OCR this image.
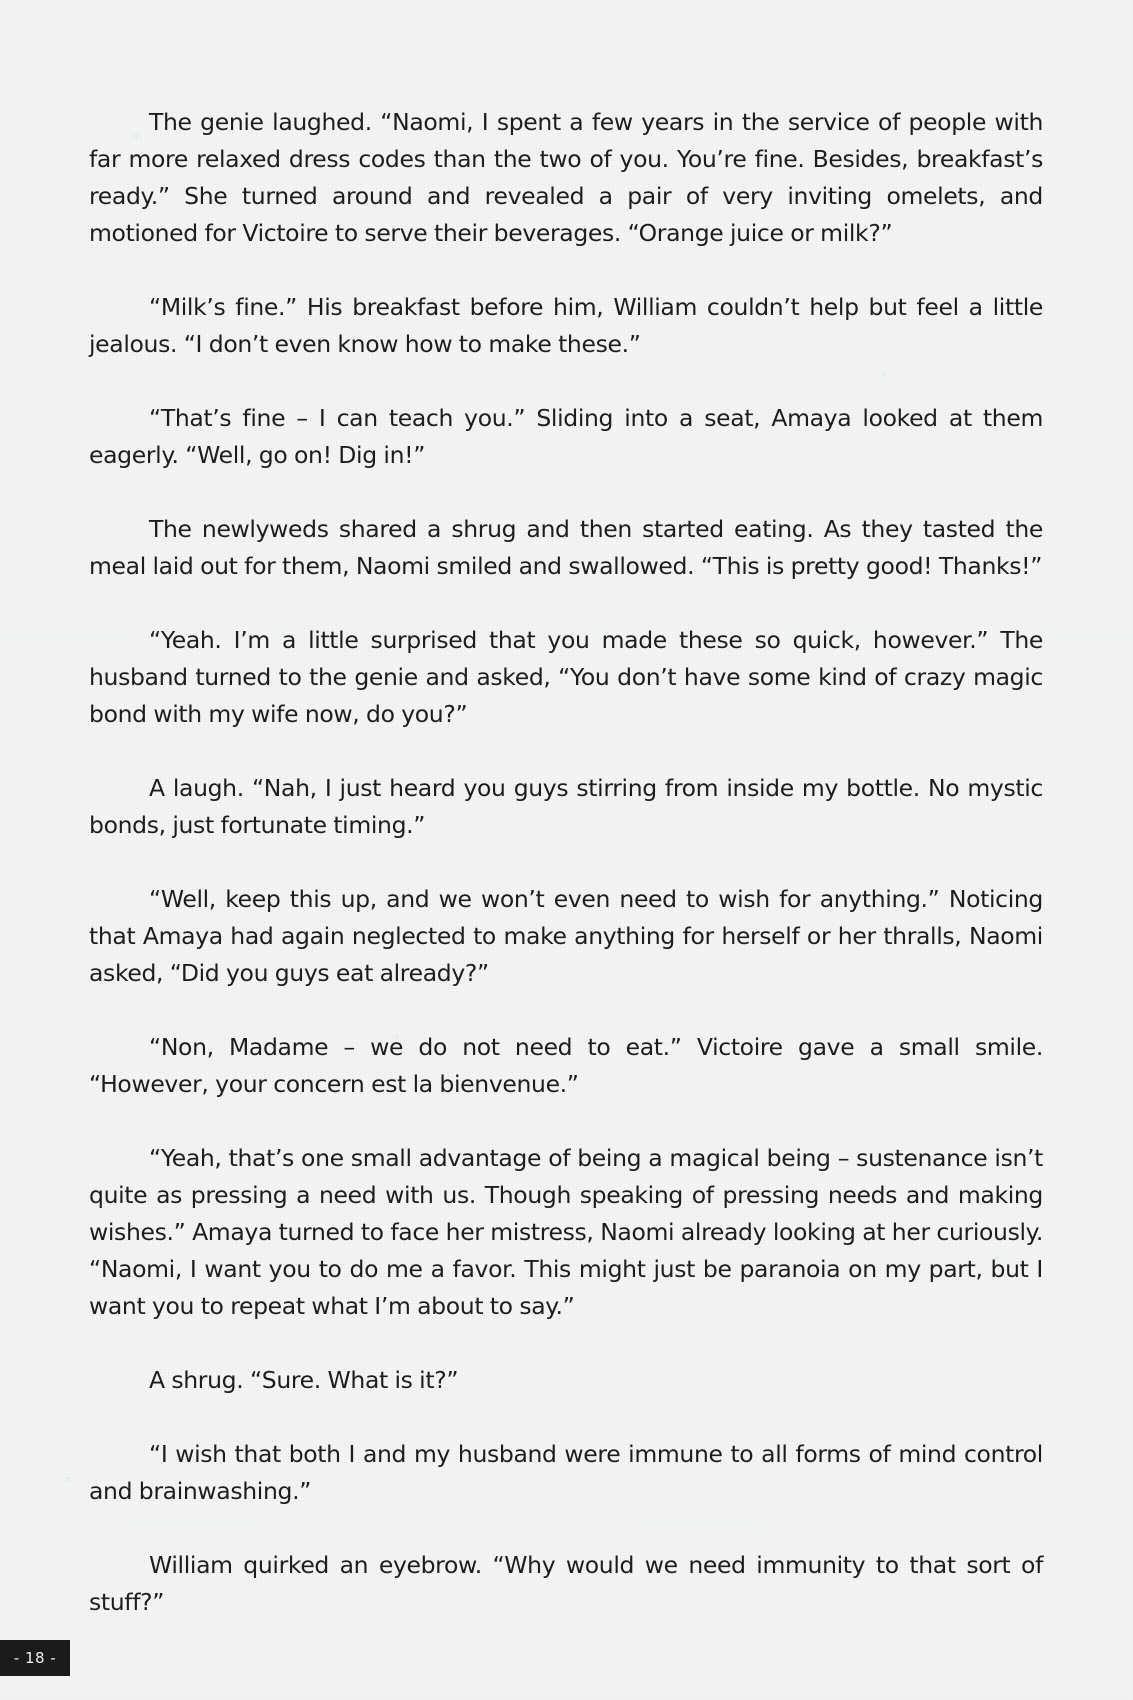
The genie laughed. “Naomi, I spent a few years in the service of people with far more relaxed dress codes than the two of you. You’re fine. Besides, breakfast’s ready.” She turned around and revealed a pair of very inviting omelets, and motioned for Victoire to serve their beverages. “Orange juice or milk?”

“Milk’s fine.” His breakfast before him, William couldn’t help but feel a little jealous. “I don’t even know how to make these.”

“That’s fine – I can teach you.” Sliding into a seat, Amaya looked at them eagerly. “Well, go on! Dig in!”

The newlyweds shared a shrug and then started eating. As they tasted the meal laid out for them, Naomi smiled and swallowed. “This is pretty good! Thanks!”

“Yeah. I’m a little surprised that you made these so quick, however.” The husband turned to the genie and asked, “You don’t have some kind of crazy magic bond with my wife now, do you?”

A laugh. “Nah, I just heard you guys stirring from inside my bottle. No mystic bonds, just fortunate timing.”

“Well, keep this up, and we won’t even need to wish for anything.” Noticing that Amaya had again neglected to make anything for herself or her thralls, Naomi asked, “Did you guys eat already?”

“Non, Madame – we do not need to eat.” Victoire gave a small smile. “However, your concern est la bienvenue.”

“Yeah, that’s one small advantage of being a magical being – sustenance isn’t quite as pressing a need with us. Though speaking of pressing needs and making wishes.” Amaya turned to face her mistress, Naomi already looking at her curiously. “Naomi, I want you to do me a favor. This might just be paranoia on my part, but I want you to repeat what I’m about to say.”

A shrug. “Sure. What is it?”

“I wish that both I and my husband were immune to all forms of mind control and brainwashing.”

William quirked an eyebrow. “Why would we need immunity to that sort of stuff?”

- 18 -
